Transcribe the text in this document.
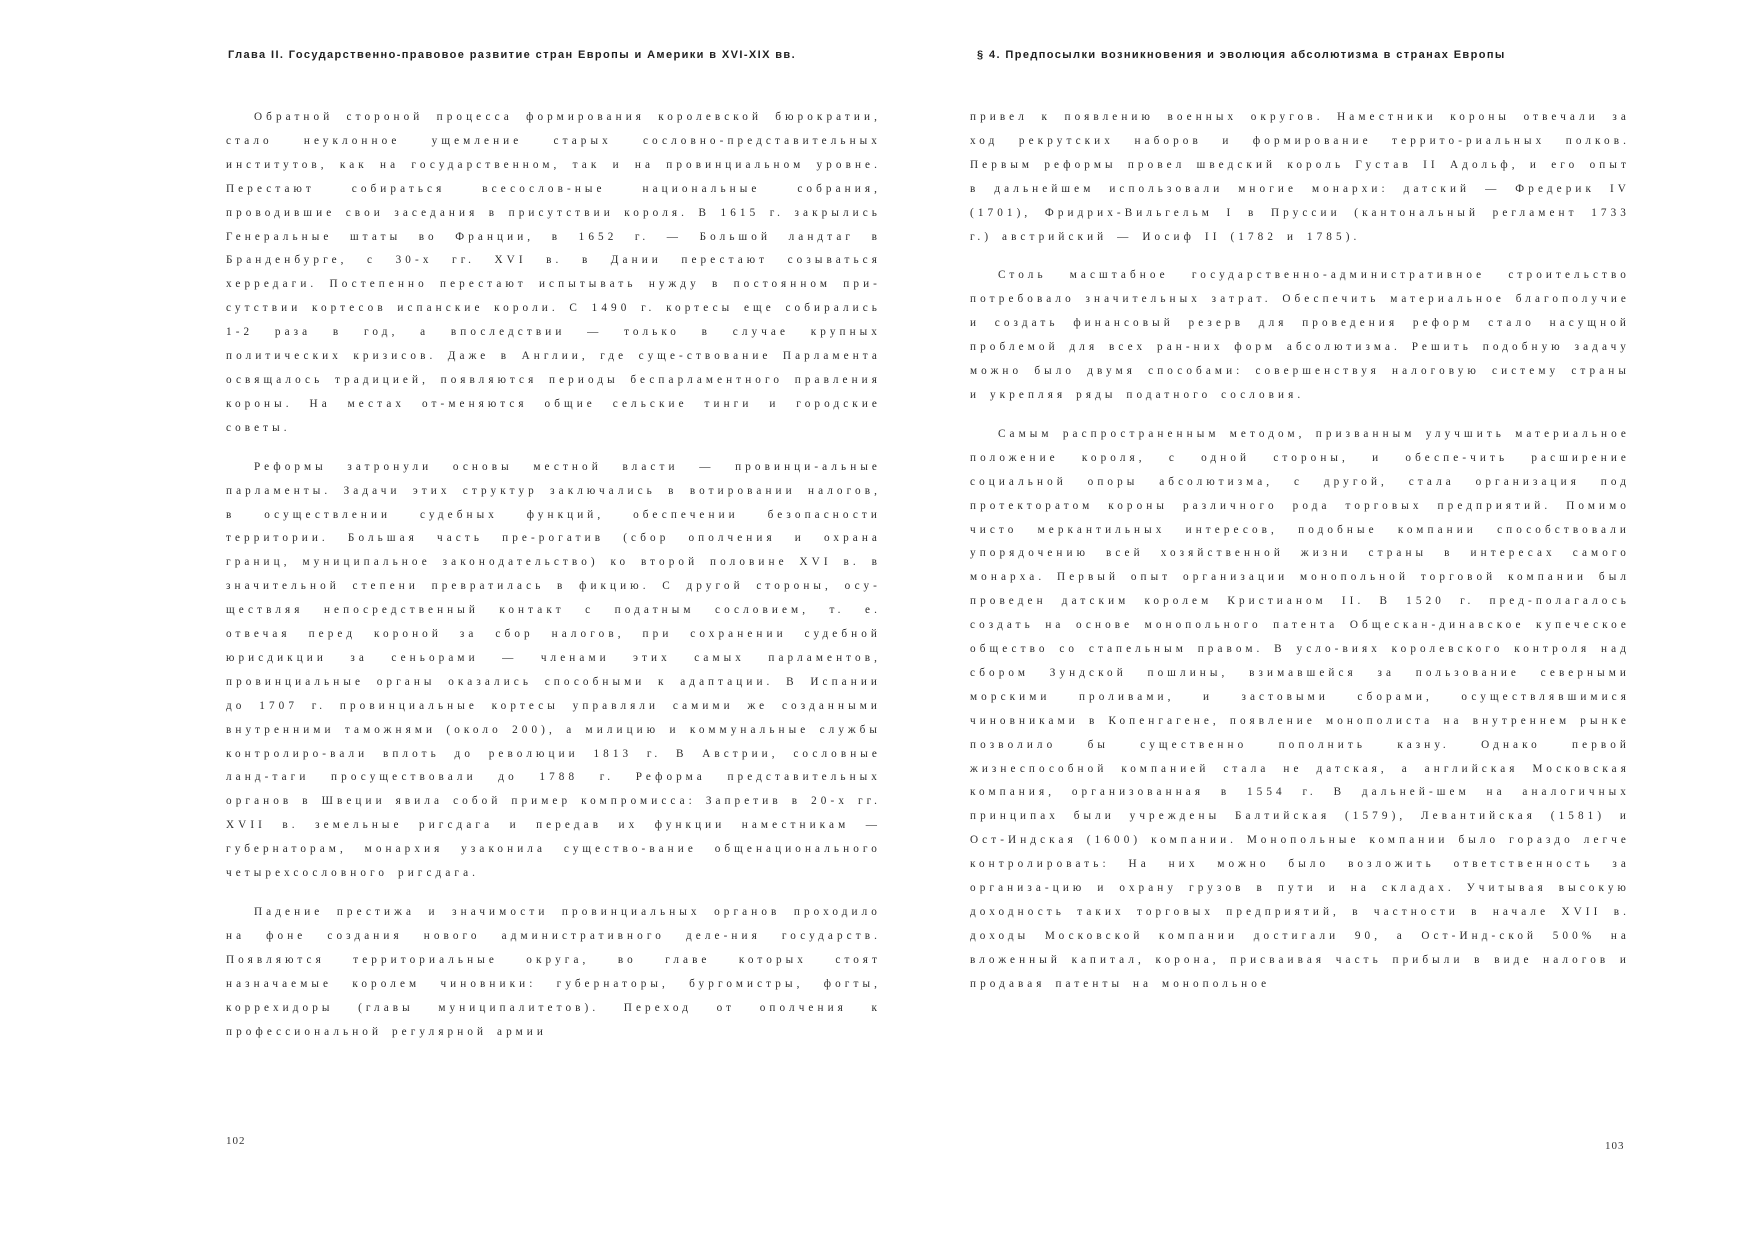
Глава II. Государственно-правовое развитие стран Европы и Америки в XVI-XIX вв.

Обратной стороной процесса формирования королевской бюрократии, стало неуклонное ущемление старых сословно-представительных институтов, как на государственном, так и на провинциальном уровне. Перестают собираться всесослов-ные национальные собрания, проводившие свои заседания в присутствии короля. В 1615 г. закрылись Генеральные штаты во Франции, в 1652 г. — Большой ландтаг в Бранденбурге, с 30-х гг. XVI в. в Дании перестают созываться херредаги. Постепенно перестают испытывать нужду в постоянном при-сутствии кортесов испанские короли. С 1490 г. кортесы еще собирались 1-2 раза в год, а впоследствии — только в случае крупных политических кризисов. Даже в Англии, где суще-ствование Парламента освящалось традицией, появляются периоды беспарламентного правления короны. На местах от-меняются общие сельские тинги и городские советы.

Реформы затронули основы местной власти — провинци-альные парламенты. Задачи этих структур заключались в вотировании налогов, в осуществлении судебных функций, обеспечении безопасности территории. Большая часть пре-рогатив (сбор ополчения и охрана границ, муниципальное законодательство) ко второй половине XVI в. в значительной степени превратилась в фикцию. С другой стороны, осу-ществляя непосредственный контакт с податным сословием, т. е. отвечая перед короной за сбор налогов, при сохранении судебной юрисдикции за сеньорами — членами этих самых парламентов, провинциальные органы оказались способными к адаптации. В Испании до 1707 г. провинциальные кортесы управляли самими же созданными внутренними таможнями (около 200), а милицию и коммунальные службы контролиро-вали вплоть до революции 1813 г. В Австрии, сословные ланд-таги просуществовали до 1788 г. Реформа представительных органов в Швеции явила собой пример компромисса: Запретив в 20-х гг. XVII в. земельные ригсдага и передав их функции наместникам — губернаторам, монархия узаконила существо-вание общенационального четырехсословного ригсдага.

Падение престижа и значимости провинциальных органов проходило на фоне создания нового административного деле-ния государств. Появляются территориальные округа, во главе которых стоят назначаемые королем чиновники: губернаторы, бургомистры, фогты, коррехидоры (главы муниципалитетов). Переход от ополчения к профессиональной регулярной армии

102
§ 4. Предпосылки возникновения и эволюция абсолютизма в странах Европы

привел к появлению военных округов. Наместники короны отвечали за ход рекрутских наборов и формирование террито-риальных полков. Первым реформы провел шведский король Густав II Адольф, и его опыт в дальнейшем использовали многие монархи: датский — Фредерик IV (1701), Фридрих-Вильгельм I в Пруссии (кантональный регламент 1733 г.) австрийский — Иосиф II (1782 и 1785).

Столь масштабное государственно-административное строительство потребовало значительных затрат. Обеспечить материальное благополучие и создать финансовый резерв для проведения реформ стало насущной проблемой для всех ран-них форм абсолютизма. Решить подобную задачу можно было двумя способами: совершенствуя налоговую систему страны и укрепляя ряды податного сословия.

Самым распространенным методом, призванным улучшить материальное положение короля, с одной стороны, и обеспе-чить расширение социальной опоры абсолютизма, с другой, стала организация под протекторатом короны различного рода торговых предприятий. Помимо чисто меркантильных интересов, подобные компании способствовали упорядочению всей хозяйственной жизни страны в интересах самого монарха. Первый опыт организации монопольной торговой компании был проведен датским королем Кристианом II. В 1520 г. пред-полагалось создать на основе монопольного патента Общескан-динавское купеческое общество со стапельным правом. В усло-виях королевского контроля над сбором Зундской пошлины, взимавшейся за пользование северными морскими проливами, и застовыми сборами, осуществлявшимися чиновниками в Копенгагене, появление монополиста на внутреннем рынке позволило бы существенно пополнить казну. Однако первой жизнеспособной компанией стала не датская, а английская Московская компания, организованная в 1554 г. В дальней-шем на аналогичных принципах были учреждены Балтийская (1579), Левантийская (1581) и Ост-Индская (1600) компании. Монопольные компании было гораздо легче контролировать: На них можно было возложить ответственность за организа-цию и охрану грузов в пути и на складах. Учитывая высокую доходность таких торговых предприятий, в частности в начале XVII в. доходы Московской компании достигали 90, а Ост-Инд-ской 500% на вложенный капитал, корона, присваивая часть прибыли в виде налогов и продавая патенты на монопольное

103
